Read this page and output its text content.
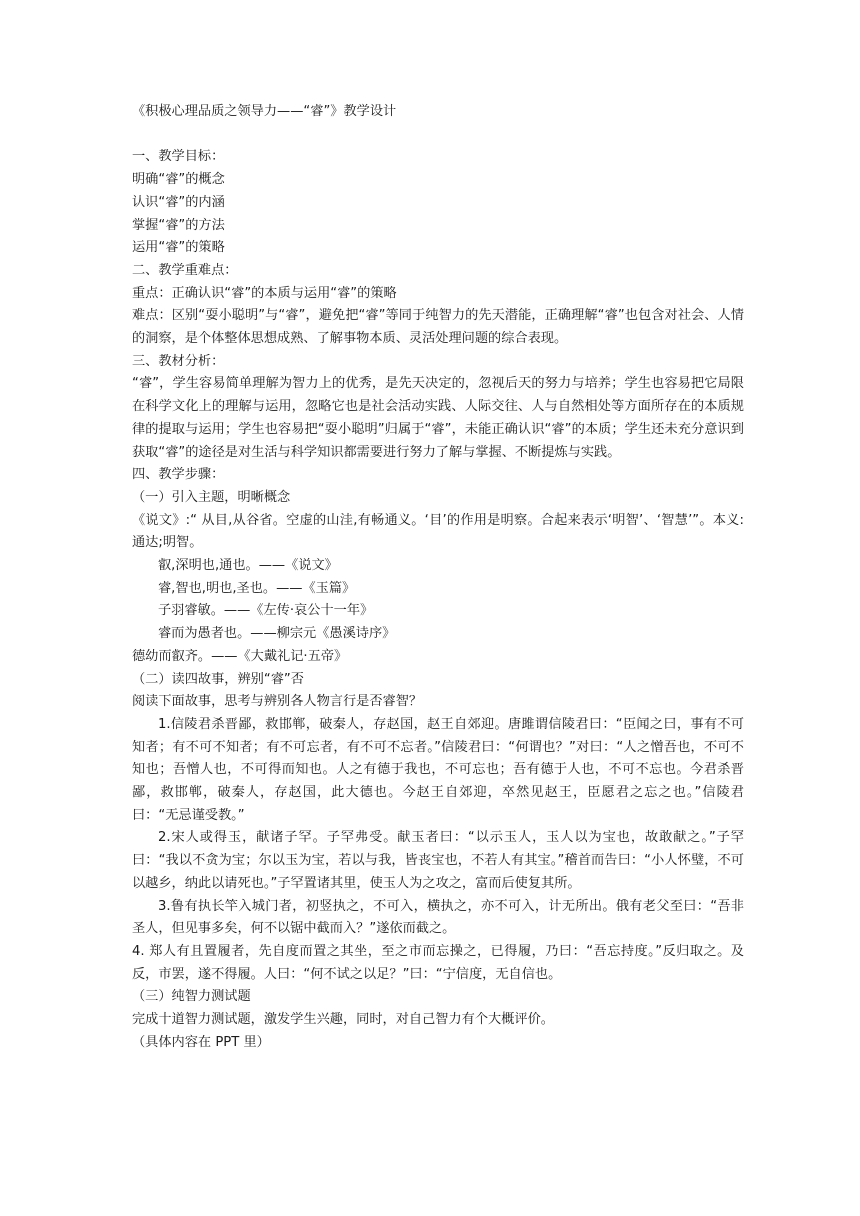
《积极心理品质之领导力——“睿”》教学设计

一、教学目标：

明确“睿”的概念

认识“睿”的内涵

掌握“睿”的方法

运用“睿”的策略

二、教学重难点：

重点：正确认识“睿”的本质与运用“睿”的策略

难点：区别“耍小聪明”与“睿”，避免把“睿”等同于纯智力的先天潜能，正确理解“睿”也包含对社会、人情的洞察，是个体整体思想成熟、了解事物本质、灵活处理问题的综合表现。

三、教材分析：

“睿”，学生容易简单理解为智力上的优秀，是先天决定的，忽视后天的努力与培养；学生也容易把它局限在科学文化上的理解与运用，忽略它也是社会活动实践、人际交往、人与自然相处等方面所存在的本质规律的提取与运用；学生也容易把“耍小聪明”归属于“睿”，未能正确认识“睿”的本质；学生还未充分意识到获取“睿”的途径是对生活与科学知识都需要进行努力了解与掌握、不断提炼与实践。

四、教学步骤：

（一）引入主题，明晰概念

《说文》:“ 从目,从谷省。空虚的山洼,有畅通义。‘目’的作用是明察。合起来表示‘明智’、‘智慧’”。本义:通达;明智。

叡,深明也,通也。——《说文》

睿,智也,明也,圣也。——《玉篇》

子羽睿敏。——《左传·哀公十一年》

睿而为愚者也。——柳宗元《愚溪诗序》

德幼而叡齐。——《大戴礼记·五帝》

（二）读四故事，辨别“睿”否

阅读下面故事，思考与辨别各人物言行是否睿智？

1.信陵君杀晋鄙，救邯郸，破秦人，存赵国，赵王自郊迎。唐雎谓信陵君曰：“臣闻之曰，事有不可知者；有不可不知者；有不可忘者，有不可不忘者。”信陵君曰：“何谓也？”对曰：“人之憎吾也，不可不知也；吾憎人也，不可得而知也。人之有德于我也，不可忘也；吾有德于人也，不可不忘也。今君杀晋鄙，救邯郸，破秦人，存赵国，此大德也。今赵王自郊迎，卒然见赵王，臣愿君之忘之也。”信陵君曰：“无忌谨受教。”

2.宋人或得玉，献诸子罕。子罕弗受。献玉者曰：“以示玉人，玉人以为宝也，故敢献之。”子罕曰：“我以不贪为宝；尔以玉为宝，若以与我，皆丧宝也，不若人有其宝。”稽首而告曰：“小人怀璧，不可以越乡，纳此以请死也。”子罕置诸其里，使玉人为之攻之，富而后使复其所。

3.鲁有执长竿入城门者，初竖执之，不可入，横执之，亦不可入，计无所出。俄有老父至曰：“吾非圣人，但见事多矣，何不以锯中截而入？”遂依而截之。

4. 郑人有且置履者，先自度而置之其坐，至之市而忘操之，已得履，乃曰：“吾忘持度。”反归取之。及反，市罢，遂不得履。人曰：“何不试之以足？”曰：“宁信度，无自信也。

（三）纯智力测试题

完成十道智力测试题，激发学生兴趣，同时，对自己智力有个大概评价。

（具体内容在 PPT 里）
